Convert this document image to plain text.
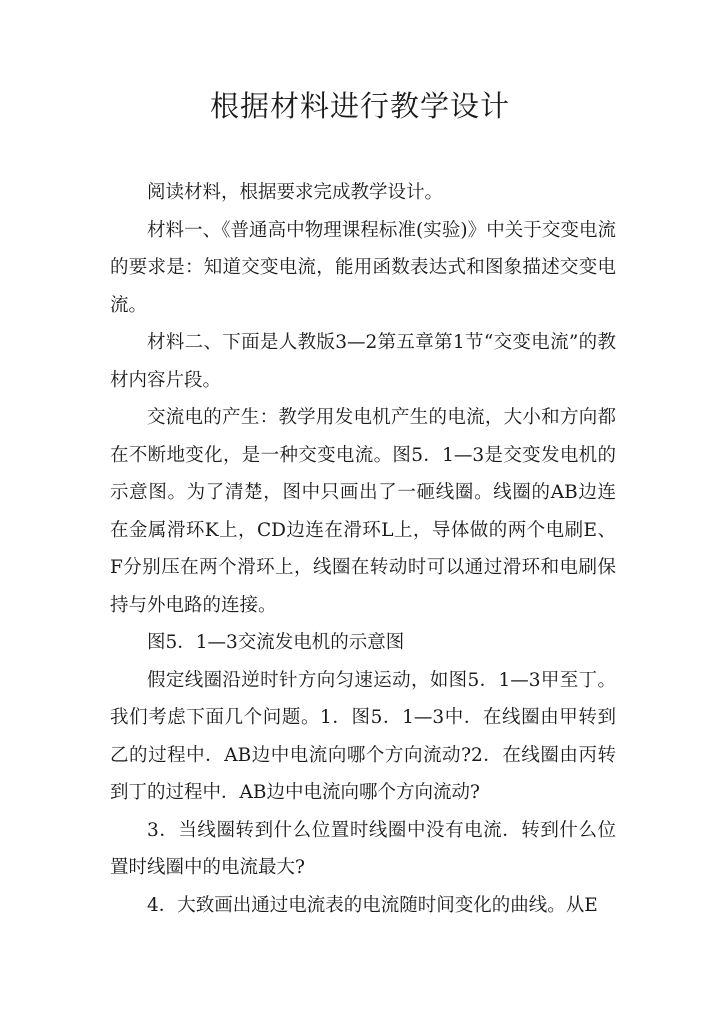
根据材料进行教学设计

阅读材料，根据要求完成教学设计。

材料一、《普通高中物理课程标准(实验)》中关于交变电流的要求是：知道交变电流，能用函数表达式和图象描述交变电流。

材料二、下面是人教版3—2第五章第1节“交变电流”的教材内容片段。

交流电的产生：教学用发电机产生的电流，大小和方向都在不断地变化，是一种交变电流。图5．1—3是交变发电机的示意图。为了清楚，图中只画出了一砸线圈。线圈的AB边连在金属滑环K上，CD边连在滑环L上，导体做的两个电刷E、F分别压在两个滑环上，线圈在转动时可以通过滑环和电刷保持与外电路的连接。

图5．1—3交流发电机的示意图

假定线圈沿逆时针方向匀速运动，如图5．1—3甲至丁。我们考虑下面几个问题。1．图5．1—3中．在线圈由甲转到乙的过程中．AB边中电流向哪个方向流动?2．在线圈由丙转到丁的过程中．AB边中电流向哪个方向流动?

3．当线圈转到什么位置时线圈中没有电流．转到什么位置时线圈中的电流最大?

4．大致画出通过电流表的电流随时间变化的曲线。从E
